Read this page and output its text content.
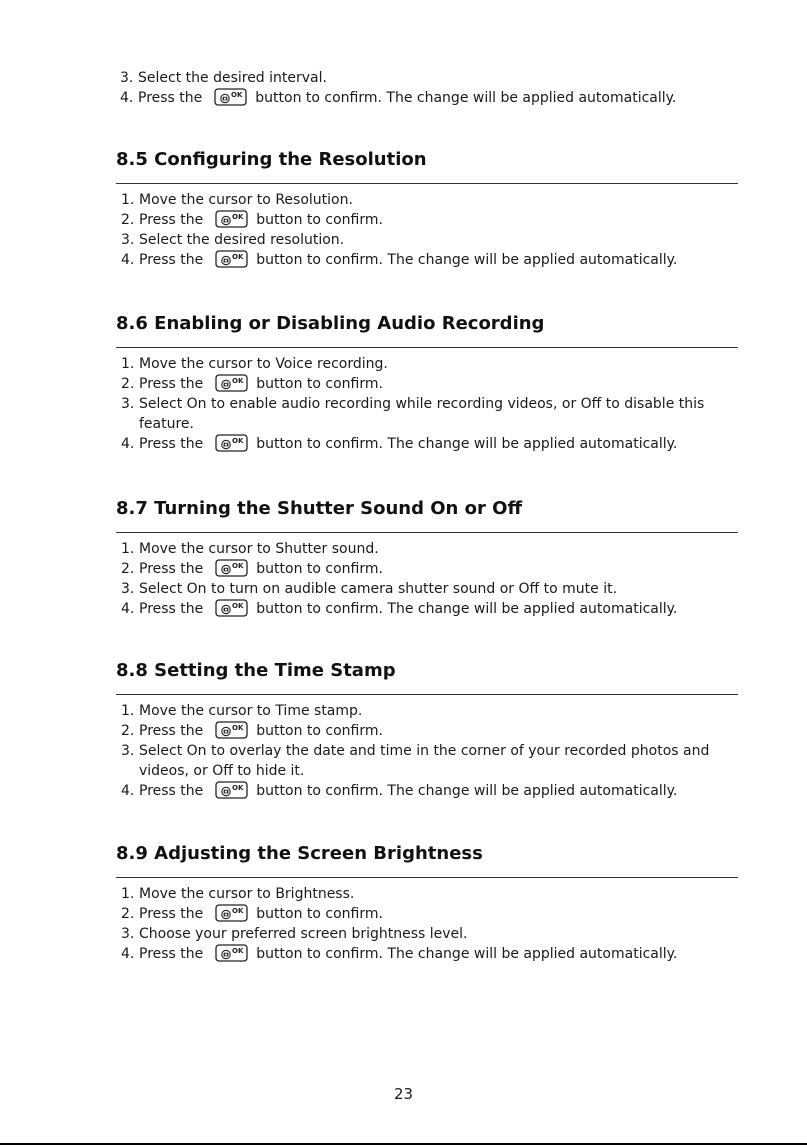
3. Select the desired interval.
4. Press the	OK button to confirm. The change will be applied automatically.
8.5 Configuring the Resolution
1. Move the cursor to Resolution.
2. Press the	OK button to confirm.
3. Select the desired resolution.
4. Press the	OK button to confirm. The change will be applied automatically.
8.6 Enabling or Disabling Audio Recording
1. Move the cursor to Voice recording.
2. Press the	OK button to confirm.
3. Select On to enable audio recording while recording videos, or Off to disable this feature.
4. Press the	OK button to confirm. The change will be applied automatically.
8.7 Turning the Shutter Sound On or Off
1. Move the cursor to Shutter sound.
2. Press the	OK button to confirm.
3. Select On to turn on audible camera shutter sound or Off to mute it.
4. Press the	OK button to confirm. The change will be applied automatically.
8.8 Setting the Time Stamp
1. Move the cursor to Time stamp.
2. Press the	OK button to confirm.
3. Select On to overlay the date and time in the corner of your recorded photos and videos, or Off to hide it.
4. Press the	OK button to confirm. The change will be applied automatically.
8.9 Adjusting the Screen Brightness
1. Move the cursor to Brightness.
2. Press the	OK button to confirm.
3. Choose your preferred screen brightness level.
4. Press the	OK button to confirm. The change will be applied automatically.
23
